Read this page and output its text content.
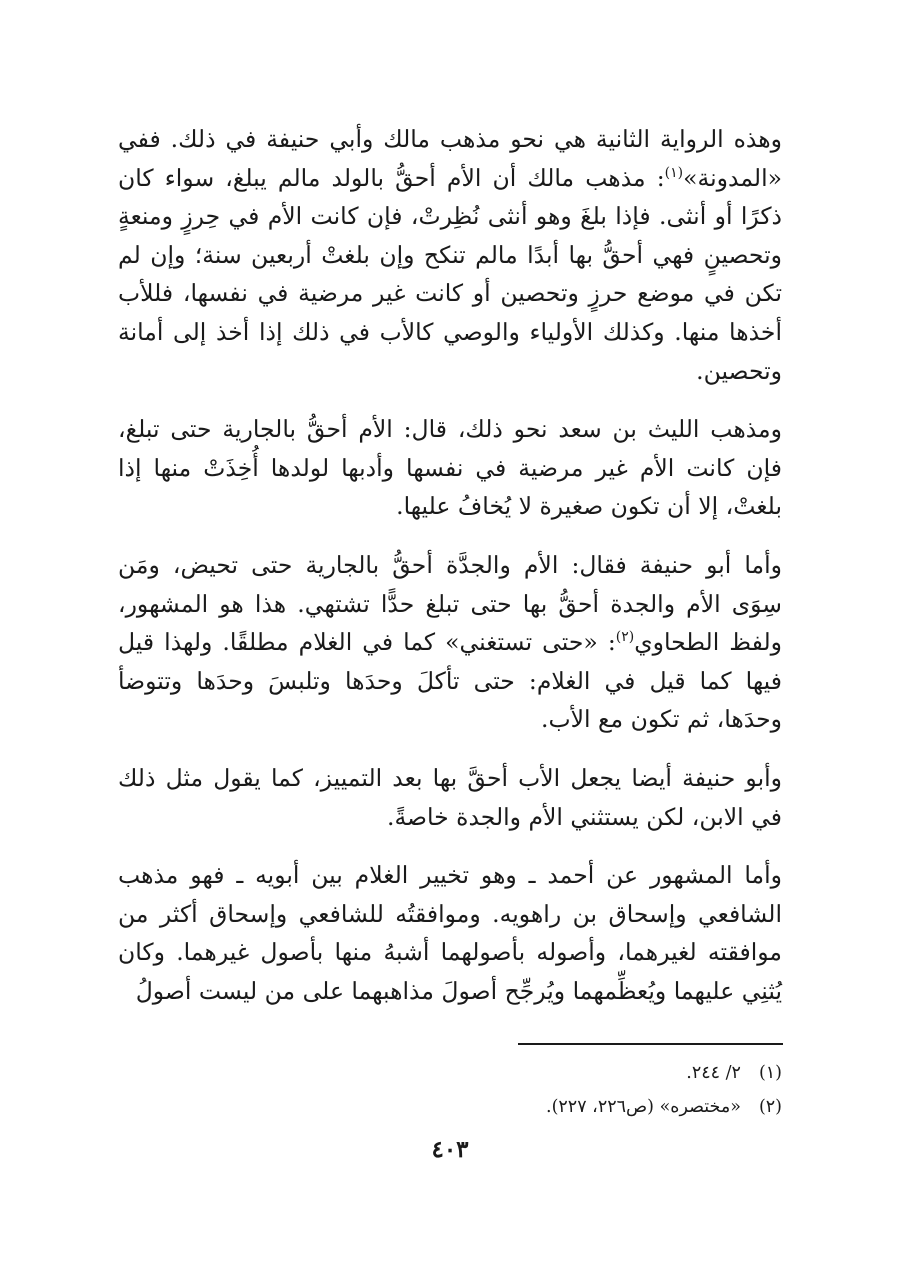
وهذه الرواية الثانية هي نحو مذهب مالك وأبي حنيفة في ذلك. ففي «المدونة»$^{(١)}$: مذهب مالك أن الأم أحقُّ بالولد مالم يبلغ، سواء كان ذكرًا أو أنثى. فإذا بلغَ وهو أنثى نُظِرتْ، فإن كانت الأم في حِرزٍ ومنعةٍ وتحصينٍ فهي أحقُّ بها أبدًا مالم تنكح وإن بلغتْ أربعين سنة؛ وإن لم تكن في موضع حرزٍ وتحصين أو كانت غير مرضية في نفسها، فللأب أخذها منها. وكذلك الأولياء والوصي كالأب في ذلك إذا أخذ إلى أمانة وتحصين.

ومذهب الليث بن سعد نحو ذلك، قال: الأم أحقُّ بالجارية حتى تبلغ، فإن كانت الأم غير مرضية في نفسها وأدبها لولدها أُخِذَتْ منها إذا بلغتْ، إلا أن تكون صغيرة لا يُخافُ عليها.

وأما أبو حنيفة فقال: الأم والجدَّة أحقُّ بالجارية حتى تحيض، ومَن سِوَى الأم والجدة أحقُّ بها حتى تبلغ حدًّا تشتهي. هذا هو المشهور، ولفظ الطحاوي$^{(٢)}$: «حتى تستغني» كما في الغلام مطلقًا. ولهذا قيل فيها كما قيل في الغلام: حتى تأكلَ وحدَها وتلبسَ وحدَها وتتوضأ وحدَها، ثم تكون مع الأب.

وأبو حنيفة أيضا يجعل الأب أحقَّ بها بعد التمييز، كما يقول مثل ذلك في الابن، لكن يستثني الأم والجدة خاصةً.

وأما المشهور عن أحمد ـ وهو تخيير الغلام بين أبويه ـ فهو مذهب الشافعي وإسحاق بن راهويه. وموافقتُه للشافعي وإسحاق أكثر من موافقته لغيرهما، وأصوله بأصولهما أشبهُ منها بأصول غيرهما. وكان يُثنِي عليهما ويُعظِّمهما ويُرجِّح أصولَ مذاهبهما على من ليست أصولُ

(١)٢/ ٢٤٤.

(٢)«مختصره» (ص٢٢٦، ٢٢٧).

٤٠٣
